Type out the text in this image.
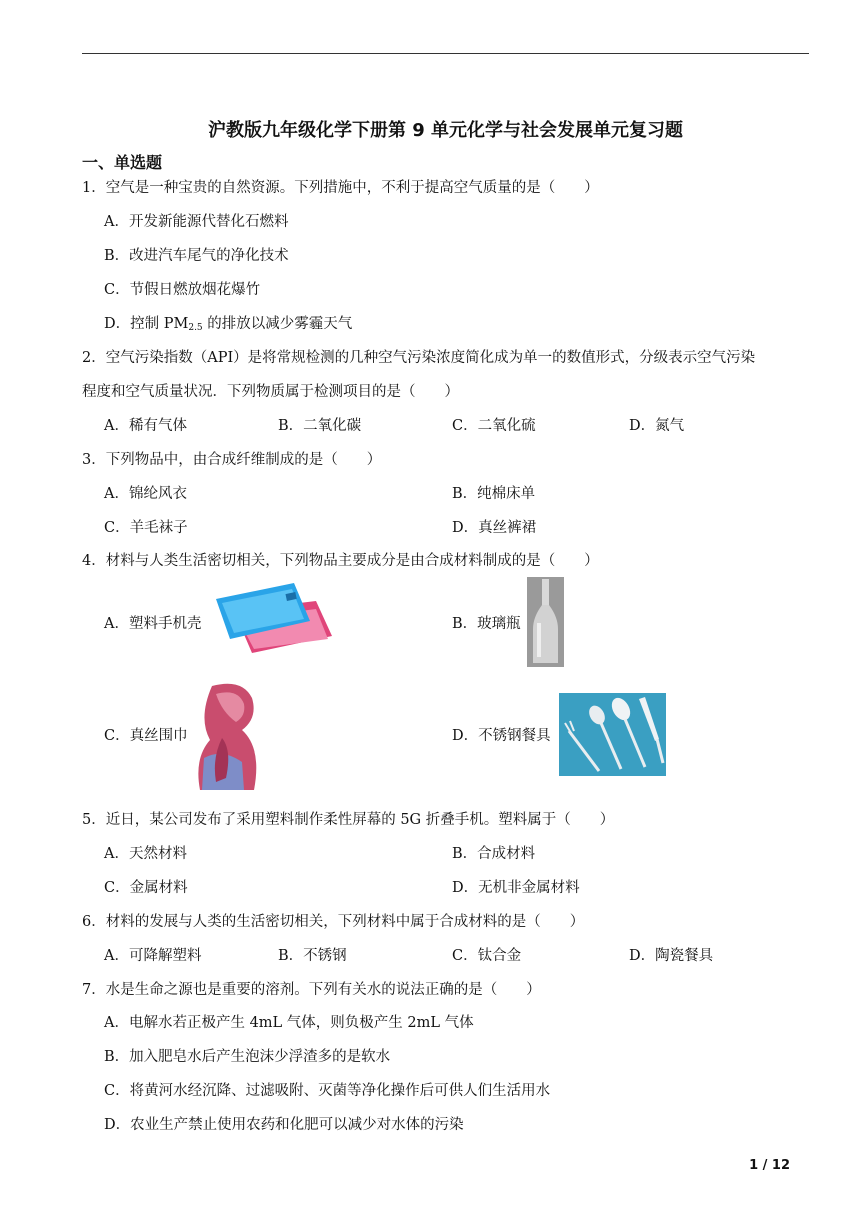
沪教版九年级化学下册第 9 单元化学与社会发展单元复习题
一、单选题
1．空气是一种宝贵的自然资源。下列措施中，不利于提高空气质量的是（　　）
A．开发新能源代替化石燃料
B．改进汽车尾气的净化技术
C．节假日燃放烟花爆竹
D．控制 $PM_{2.5}$ 的排放以减少雾霾天气
2．空气污染指数（API）是将常规检测的几种空气污染浓度简化成为单一的数值形式，分级表示空气污染
程度和空气质量状况．下列物质属于检测项目的是（　　）
A．稀有气体	B．二氧化碳	C．二氧化硫	D．氮气
3．下列物品中，由合成纤维制成的是（　　）
A．锦纶风衣	B．纯棉床单
C．羊毛袜子	D．真丝裤裙
4．材料与人类生活密切相关，下列物品主要成分是由合成材料制成的是（　　）
A．塑料手机壳	B．玻璃瓶
C．真丝围巾	D．不锈钢餐具
5．近日，某公司发布了采用塑料制作柔性屏幕的 5G 折叠手机。塑料属于（　　）
A．天然材料	B．合成材料
C．金属材料	D．无机非金属材料
6．材料的发展与人类的生活密切相关，下列材料中属于合成材料的是（　　）
A．可降解塑料	B．不锈钢	C．钛合金	D．陶瓷餐具
7．水是生命之源也是重要的溶剂。下列有关水的说法正确的是（　　）
A．电解水若正极产生 4mL 气体，则负极产生 2mL 气体
B．加入肥皂水后产生泡沫少浮渣多的是软水
C．将黄河水经沉降、过滤吸附、灭菌等净化操作后可供人们生活用水
D．农业生产禁止使用农药和化肥可以减少对水体的污染
1 / 12
